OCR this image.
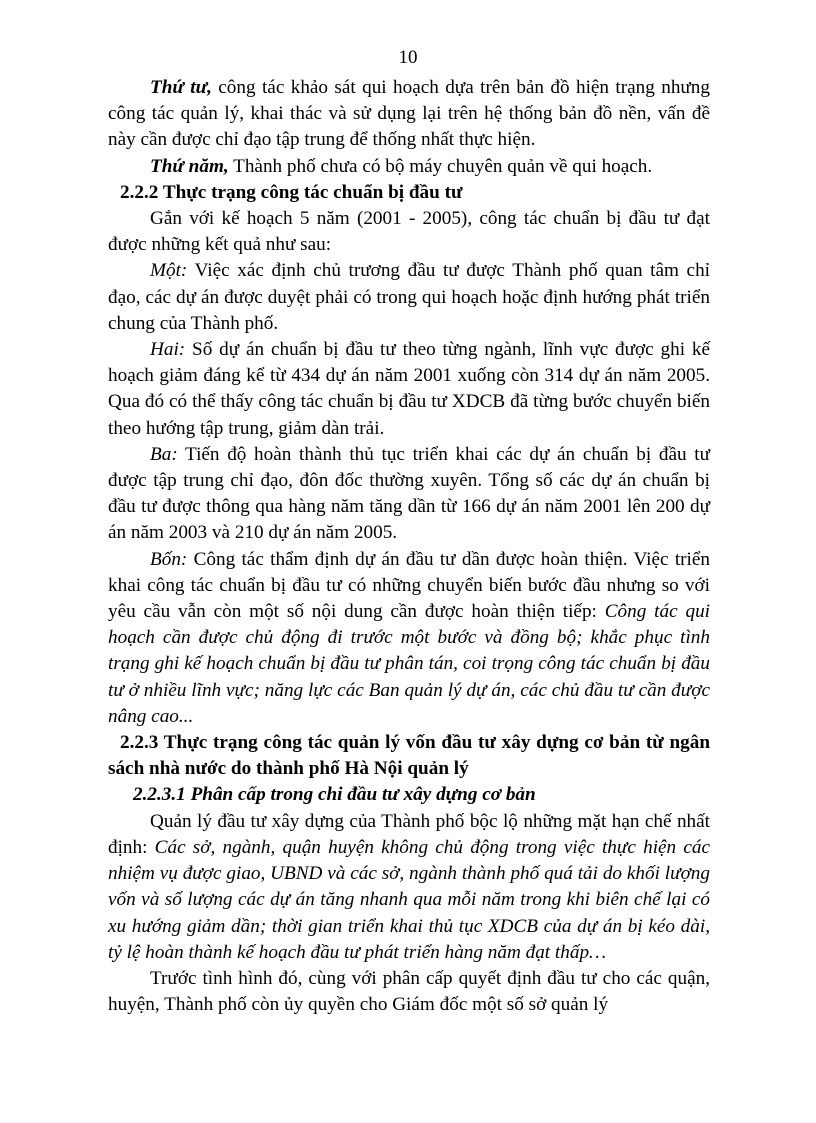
10

Thứ tư, công tác khảo sát qui hoạch dựa trên bản đồ hiện trạng nhưng công tác quản lý, khai thác và sử dụng lại trên hệ thống bản đồ nền, vấn đề này cần được chỉ đạo tập trung để thống nhất thực hiện.

Thứ năm, Thành phố chưa có bộ máy chuyên quản về qui hoạch.

2.2.2 Thực trạng công tác chuẩn bị đầu tư

Gắn với kế hoạch 5 năm (2001 - 2005), công tác chuẩn bị đầu tư đạt được những kết quả như sau:

Một: Việc xác định chủ trương đầu tư được Thành phố quan tâm chỉ đạo, các dự án được duyệt phải có trong qui hoạch hoặc định hướng phát triển chung của Thành phố.

Hai: Số dự án chuẩn bị đầu tư theo từng ngành, lĩnh vực được ghi kế hoạch giảm đáng kể từ 434 dự án năm 2001 xuống còn 314 dự án năm 2005. Qua đó có thể thấy công tác chuẩn bị đầu tư XDCB đã từng bước chuyển biến theo hướng tập trung, giảm dàn trải.

Ba: Tiến độ hoàn thành thủ tục triển khai các dự án chuẩn bị đầu tư được tập trung chỉ đạo, đôn đốc thường xuyên. Tổng số các dự án chuẩn bị đầu tư được thông qua hàng năm tăng dần từ 166 dự án năm 2001 lên 200 dự án năm 2003 và 210 dự án năm 2005.

Bốn: Công tác thẩm định dự án đầu tư dần được hoàn thiện. Việc triển khai công tác chuẩn bị đầu tư có những chuyển biến bước đầu nhưng so với yêu cầu vẫn còn một số nội dung cần được hoàn thiện tiếp: Công tác qui hoạch cần được chủ động đi trước một bước và đồng bộ; khắc phục tình trạng ghi kế hoạch chuẩn bị đầu tư phân tán, coi trọng công tác chuẩn bị đầu tư ở nhiều lĩnh vực; năng lực các Ban quản lý dự án, các chủ đầu tư cần được nâng cao...

2.2.3 Thực trạng công tác quản lý vốn đầu tư xây dựng cơ bản từ ngân sách nhà nước do thành phố Hà Nội quản lý

2.2.3.1 Phân cấp trong chi đầu tư xây dựng cơ bản

Quản lý đầu tư xây dựng của Thành phố bộc lộ những mặt hạn chế nhất định: Các sở, ngành, quận huyện không chủ động trong việc thực hiện các nhiệm vụ được giao, UBND và các sở, ngành thành phố quá tải do khối lượng vốn và số lượng các dự án tăng nhanh qua mỗi năm trong khi biên chế lại có xu hướng giảm dần; thời gian triển khai thủ tục XDCB của dự án bị kéo dài, tỷ lệ hoàn thành kế hoạch đầu tư phát triển hàng năm đạt thấp…

Trước tình hình đó, cùng với phân cấp quyết định đầu tư cho các quận, huyện, Thành phố còn ủy quyền cho Giám đốc một số sở quản lý
